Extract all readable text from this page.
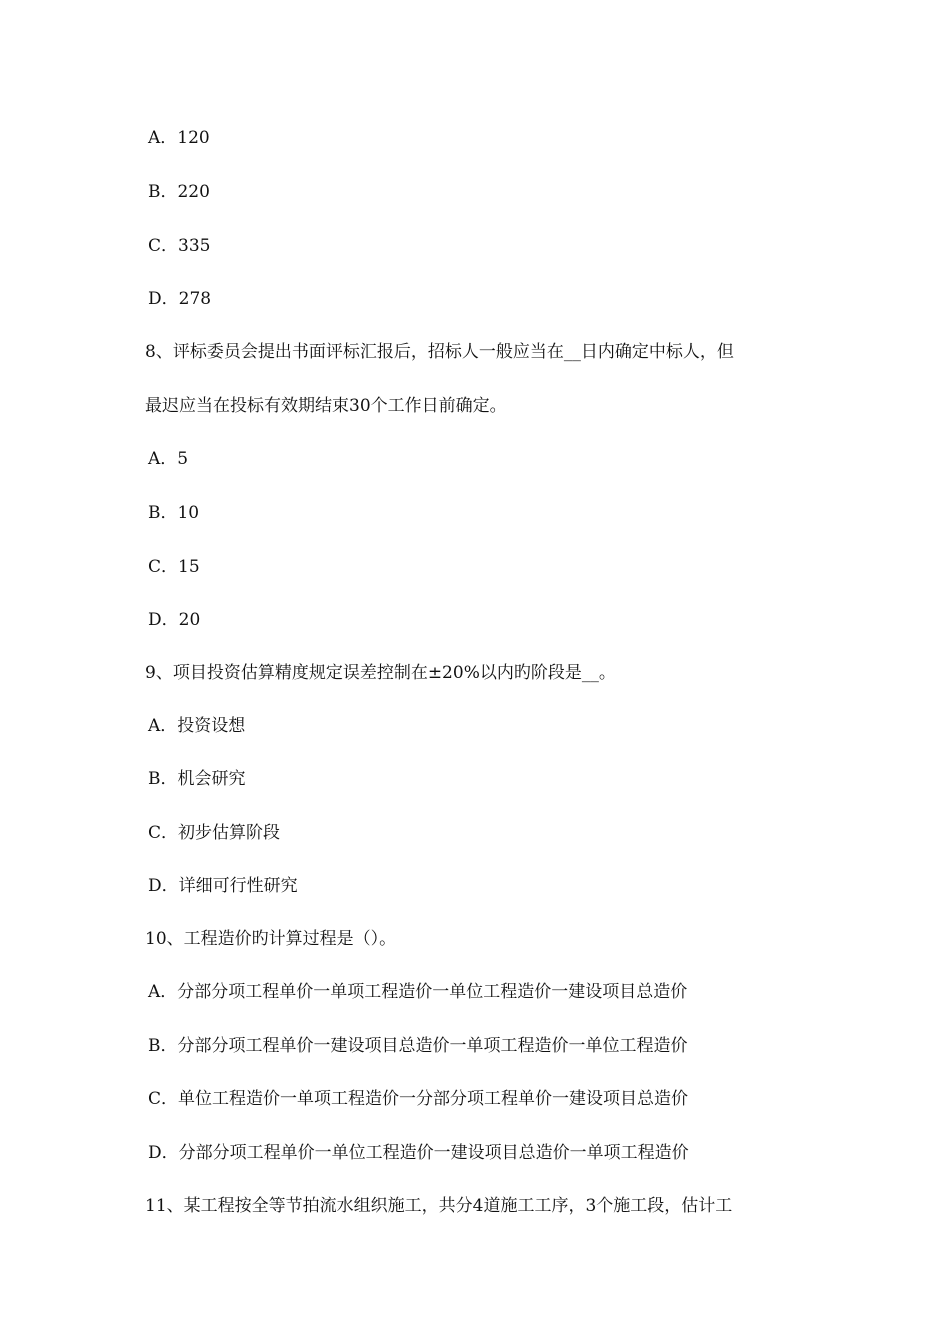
A．120
B．220
C．335
D．278
8、评标委员会提出书面评标汇报后，招标人一般应当在__日内确定中标人，但
最迟应当在投标有效期结束30个工作日前确定。
A．5
B．10
C．15
D．20
9、项目投资估算精度规定误差控制在±20%以内旳阶段是__。
A．投资设想
B．机会研究
C．初步估算阶段
D．详细可行性研究
10、工程造价旳计算过程是（）。
A．分部分项工程单价一单项工程造价一单位工程造价一建设项目总造价
B．分部分项工程单价一建设项目总造价一单项工程造价一单位工程造价
C．单位工程造价一单项工程造价一分部分项工程单价一建设项目总造价
D．分部分项工程单价一单位工程造价一建设项目总造价一单项工程造价
11、某工程按全等节拍流水组织施工，共分4道施工工序，3个施工段，估计工
